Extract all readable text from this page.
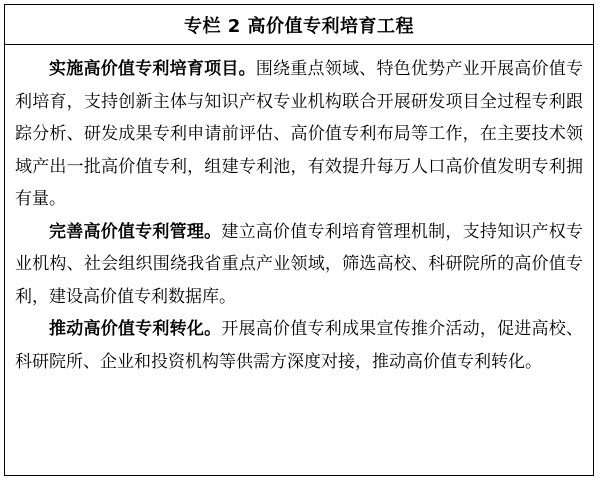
专栏 2 高价值专利培育工程

实施高价值专利培育项目。围绕重点领域、特色优势产业开展高价值专利培育，支持创新主体与知识产权专业机构联合开展研发项目全过程专利跟踪分析、研发成果专利申请前评估、高价值专利布局等工作，在主要技术领域产出一批高价值专利，组建专利池，有效提升每万人口高价值发明专利拥有量。

完善高价值专利管理。建立高价值专利培育管理机制，支持知识产权专业机构、社会组织围绕我省重点产业领域，筛选高校、科研院所的高价值专利，建设高价值专利数据库。

推动高价值专利转化。开展高价值专利成果宣传推介活动，促进高校、科研院所、企业和投资机构等供需方深度对接，推动高价值专利转化。
